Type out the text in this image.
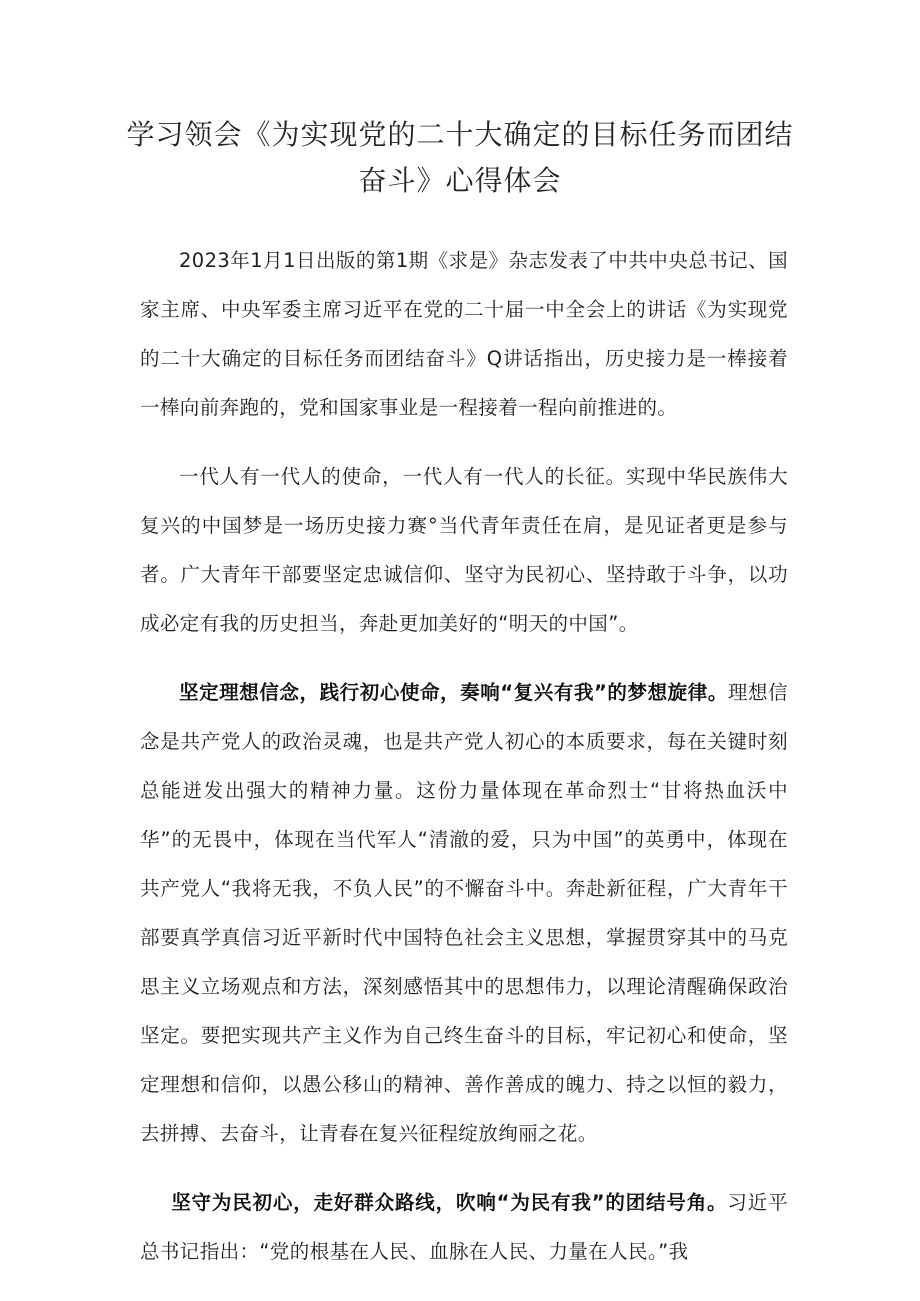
学习领会《为实现党的二十大确定的目标任务而团结奋斗》心得体会

2023年1月1日出版的第1期《求是》杂志发表了中共中央总书记、国家主席、中央军委主席习近平在党的二十届一中全会上的讲话《为实现党的二十大确定的目标任务而团结奋斗》Q讲话指出，历史接力是一棒接着一棒向前奔跑的，党和国家事业是一程接着一程向前推进的。

一代人有一代人的使命，一代人有一代人的长征。实现中华民族伟大复兴的中国梦是一场历史接力赛°当代青年责任在肩，是见证者更是参与者。广大青年干部要坚定忠诚信仰、坚守为民初心、坚持敢于斗争，以功成必定有我的历史担当，奔赴更加美好的“明天的中国”。

坚定理想信念，践行初心使命，奏响“复兴有我”的梦想旋律。理想信念是共产党人的政治灵魂，也是共产党人初心的本质要求，每在关键时刻总能迸发出强大的精神力量。这份力量体现在革命烈士“甘将热血沃中华”的无畏中，体现在当代军人“清澈的爱，只为中国”的英勇中，体现在共产党人“我将无我，不负人民”的不懈奋斗中。奔赴新征程，广大青年干部要真学真信习近平新时代中国特色社会主义思想，掌握贯穿其中的马克思主义立场观点和方法，深刻感悟其中的思想伟力，以理论清醒确保政治坚定。要把实现共产主义作为自己终生奋斗的目标，牢记初心和使命，坚定理想和信仰，以愚公移山的精神、善作善成的魄力、持之以恒的毅力，去拼搏、去奋斗，让青春在复兴征程绽放绚丽之花。

坚守为民初心，走好群众路线，吹响“为民有我”的团结号角。习近平总书记指出：“党的根基在人民、血脉在人民、力量在人民。”我
